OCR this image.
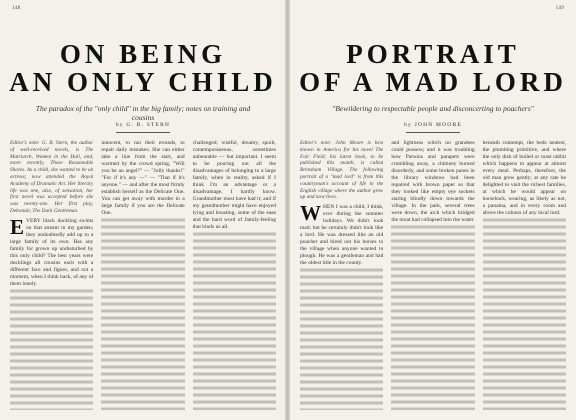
148
ON BEING
AN ONLY CHILD
The paradox of the "only child" in the big family; notes on training and cousins
by G. B. STERN

Editor's note: G. B. Stern, the author of well-received novels, is The Matriarch, Women in the Hall, and, more recently, These Reasonable Shores. As a child, she wanted to be an actress; now attended the Royal Academy of Dramatic Art. Her literary life was one, also, of sensation, her first novel was accepted before she was twenty-one. Her first play, Debonair, The Dark Gentleman.

EVERY black duckling swims on that stream in my garden; they undoubtedly add up to a large family of its own. Has any family for grown up undisturbed by this only child? The best years were ducklings all cousins each with a different face and figure, and not a moment, when I think back, of any of them lonely.

innocent, to run their errands, to repair daily mistakes. She can either take a line from the start, and warmed by the crowd spring, "Will you be an angel?" — "Jolly thanks!" "For if it's any —" — "That if it's anyone." — and after the most firmly establish herself as the Delicate One. You can get away with murder in a large family if you are the Delicate One.

challenged; wistful, dreamy, spoilt, contemporaneous, sometimes unbearable — but important. I seem to be pouring out all the disadvantages of belonging to a large family, when in reality, asked if I think I'm an advantage or a disadvantage, I hardly know. Grandmother must have had it; and if my grandmother might have enjoyed lying and boasting, some of the ease and the hard word of family-feeling that binds us all.

149
PORTRAIT
OF A MAD LORD
"Bewildering to respectable people and disconcerting to poachers"
by JOHN MOORE

Editor's note: John Moore is best known in America for his novel The Fair Field; his latest book, to be published this month, is called Brensham Village. The following portrait of a "mad lord" is from this countryman's account of life in the English village where the author grew up and now lives.

WHEN I was a child, I think, ever during the summer holidays. We didn't look mad; but he certainly didn't look like a lord. He was dressed like an old poacher and hired out his horses to the village when anyone wanted to plough. He was a gentleman and had the oldest title in the county.

and lightness which no grandees could possess; and it was troubling how Parsons and parapets were crumbling away, a chimney burned disorderly, and some broken panes in the library windows had been repaired with brown paper so that they looked like empty eye sockets staring blindly down towards the village. In the park, several trees were down, the arch which bridged the moat had collapsed into the water.

beneath contempt, the beds neatest, the plumbing primitive, and where the only dish of boiled or roast rabbit which happens to appear at almost every meal. Perhaps, therefore, the old man grew gently; at any rate he delighted to visit the richest families, at which he would appear on horseback, wearing, as likely as not, a panama, and in every room and above the colours of any local lord.
